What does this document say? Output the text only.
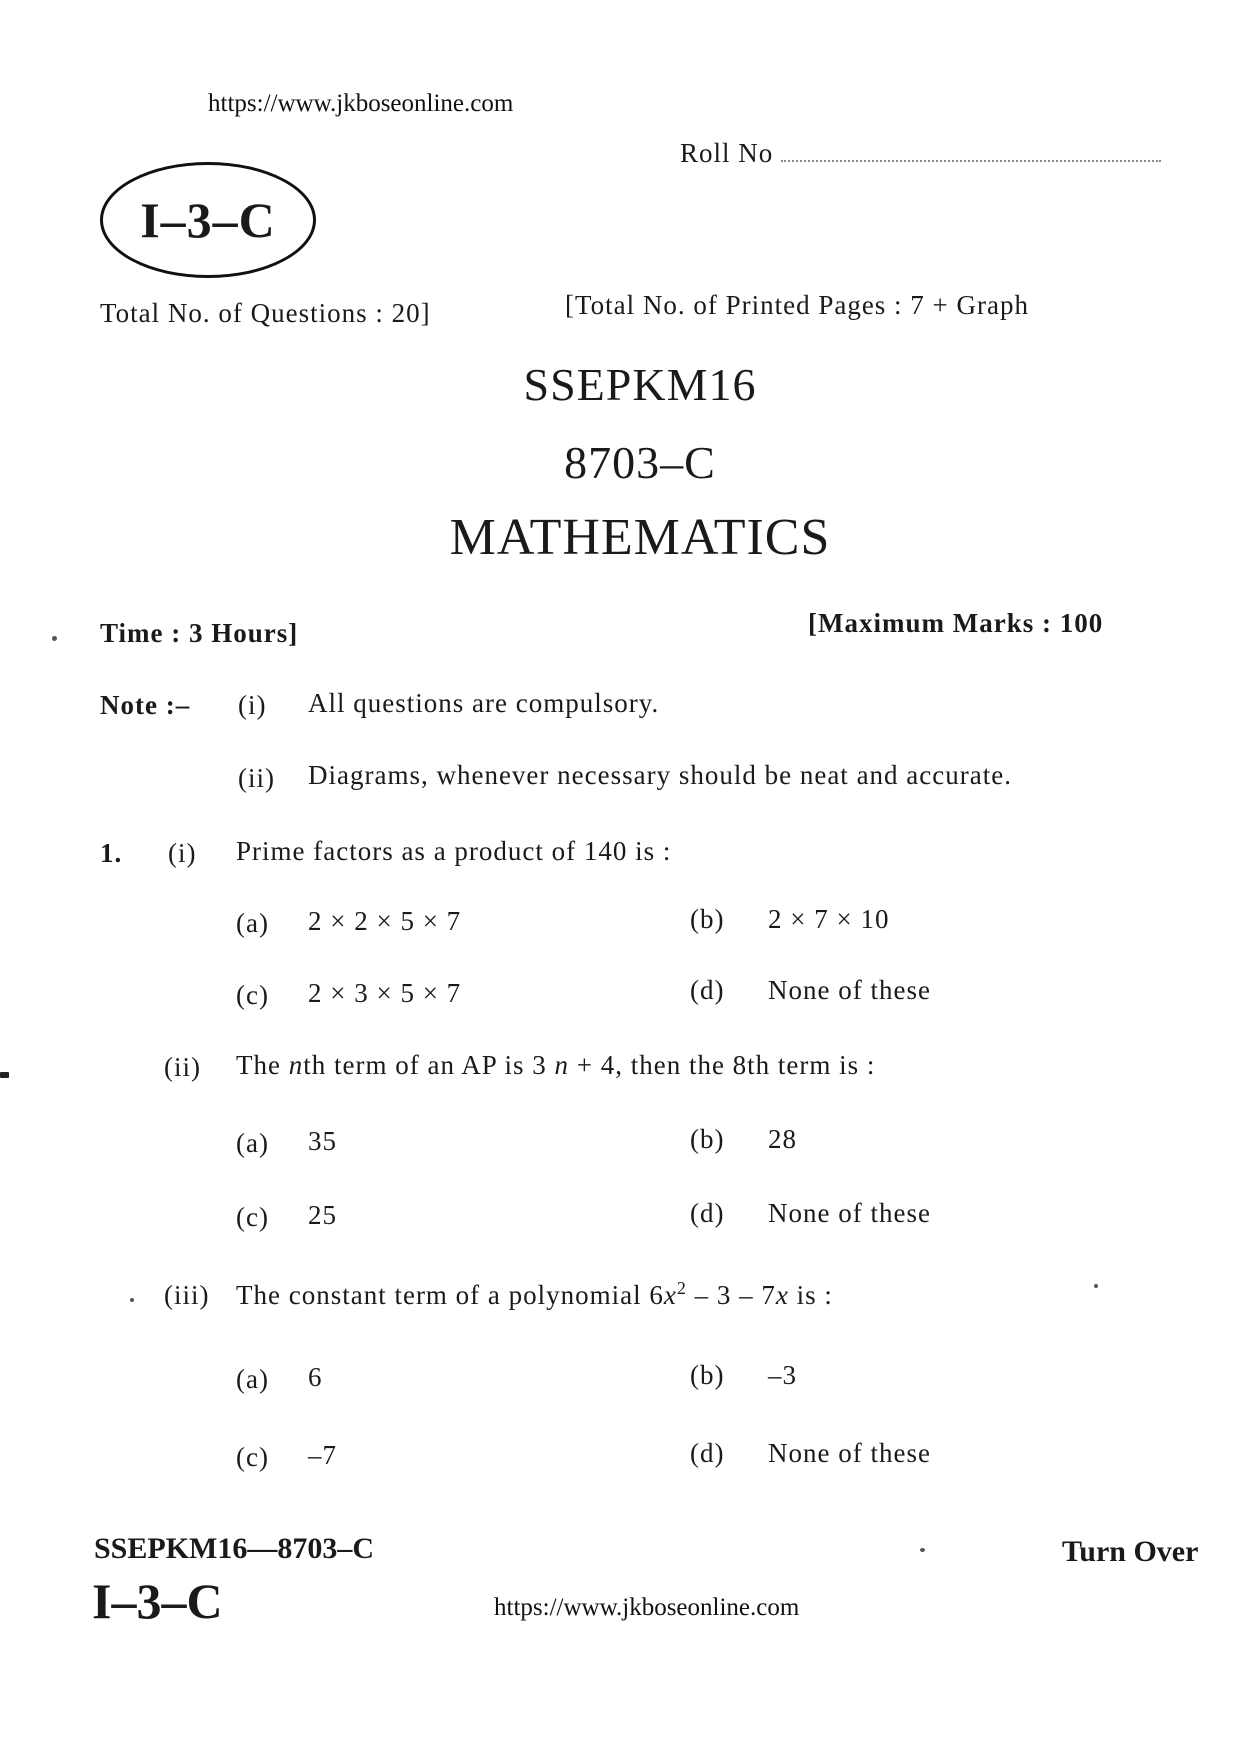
https://www.jkboseonline.com
Roll No
I–3–C
Total No. of Questions : 20]	[Total No. of Printed Pages : 7 + Graph
SSEPKM16
8703–C
MATHEMATICS
Time : 3 Hours]	[Maximum Marks : 100
Note :– (i) All questions are compulsory.
(ii) Diagrams, whenever necessary should be neat and accurate.
1. (i) Prime factors as a product of 140 is :
(a) 2 × 2 × 5 × 7	(b) 2 × 7 × 10
(c) 2 × 3 × 5 × 7	(d) None of these
(ii) The nth term of an AP is 3 n + 4, then the 8th term is :
(a) 35	(b) 28
(c) 25	(d) None of these
(iii) The constant term of a polynomial $6x^2 - 3 - 7x$ is :
(a) 6	(b) –3
(c) –7	(d) None of these
SSEPKM16—8703–C	Turn Over
I–3–C	https://www.jkboseonline.com
